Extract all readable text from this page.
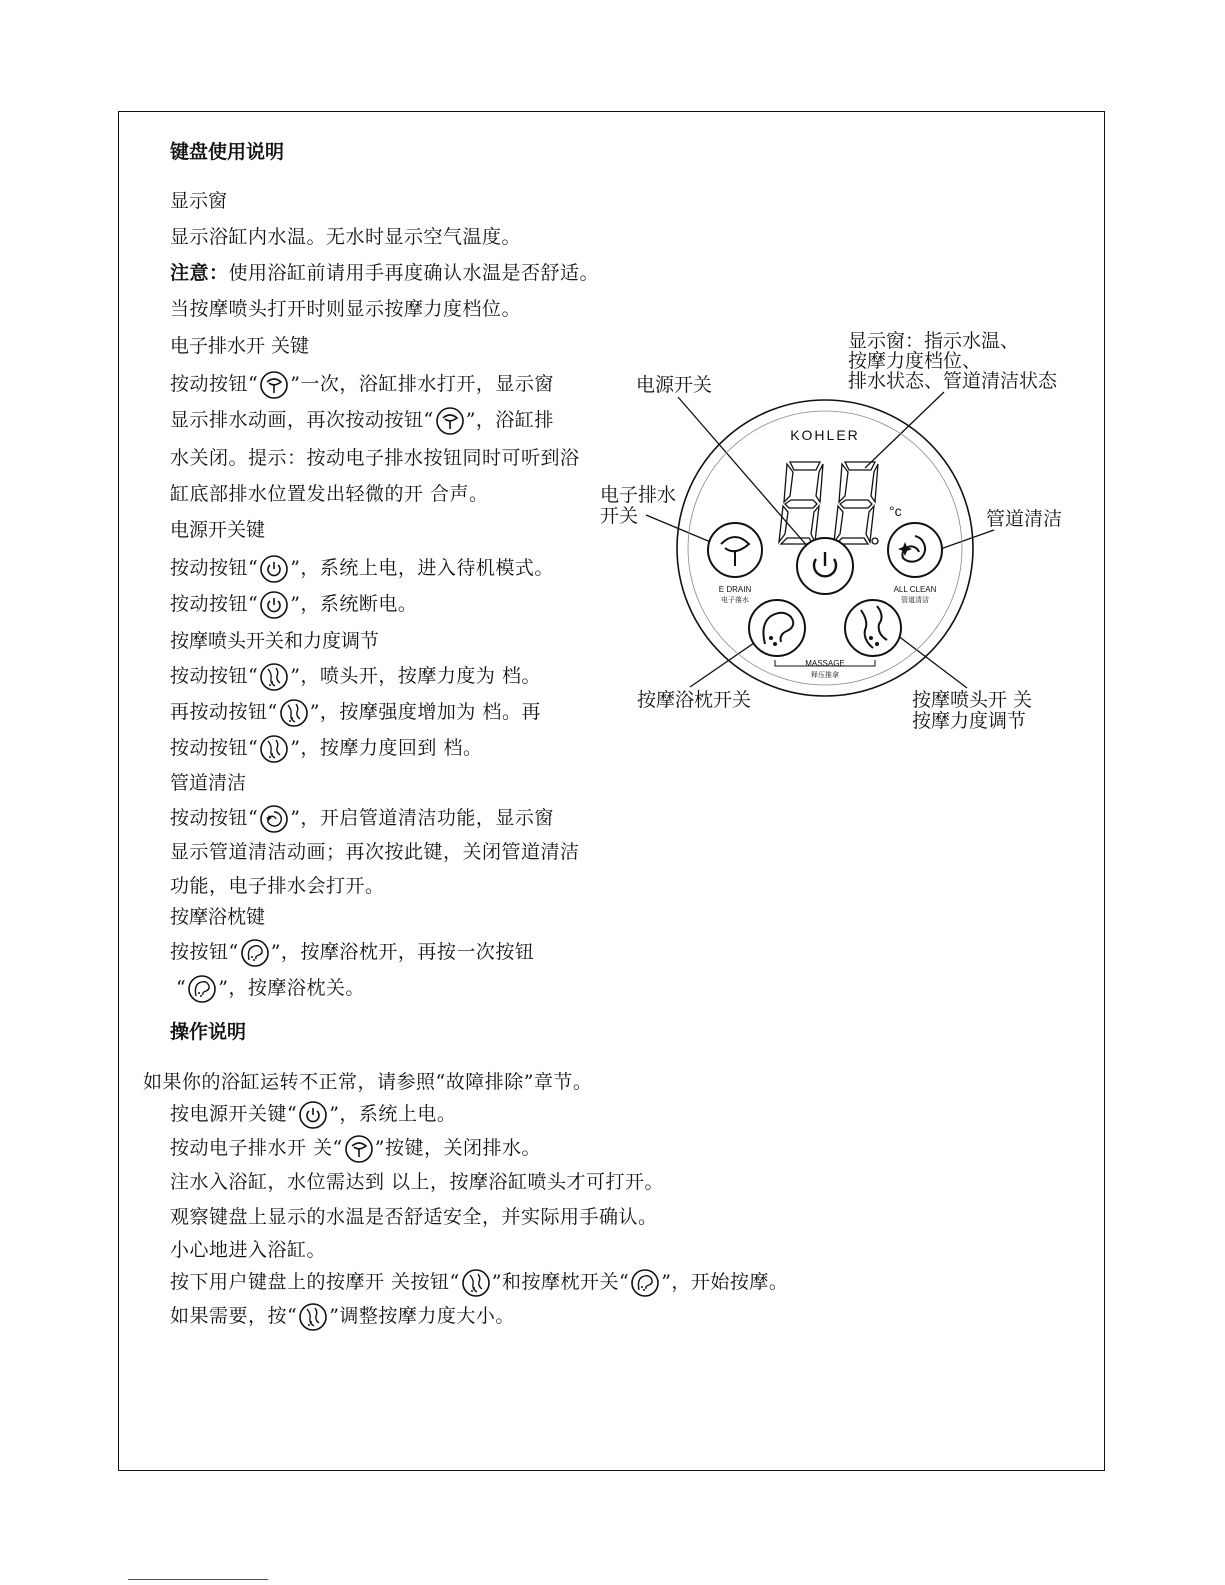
键盘使用说明
显示窗
显示浴缸内水温。无水时显示空气温度。
注意：使用浴缸前请用手再度确认水温是否舒适。
当按摩喷头打开时则显示按摩力度档位。
电子排水开 关键
按动按钮“ ”一次，浴缸排水打开，显示窗
显示排水动画，再次按动按钮“ ”，浴缸排
水关闭。提示：按动电子排水按钮同时可听到浴
缸底部排水位置发出轻微的开 合声。
电源开关键
按动按钮“ ”，系统上电，进入待机模式。
按动按钮“ ”，系统断电。
按摩喷头开关和力度调节
按动按钮“ ”，喷头开，按摩力度为 档。
再按动按钮“ ”，按摩强度增加为 档。再
按动按钮“ ”，按摩力度回到 档。
管道清洁
按动按钮“ ”，开启管道清洁功能，显示窗
显示管道清洁动画；再次按此键，关闭管道清洁
功能，电子排水会打开。
按摩浴枕键
按按钮“ ”，按摩浴枕开，再按一次按钮
“ ”，按摩浴枕关。
操作说明
如果你的浴缸运转不正常，请参照“故障排除”章节。
按电源开关键“ ”，系统上电。
按动电子排水开 关“ ”按键，关闭排水。
注水入浴缸，水位需达到 以上，按摩浴缸喷头才可打开。
观察键盘上显示的水温是否舒适安全，并实际用手确认。
小心地进入浴缸。
按下用户键盘上的按摩开 关按钮“ ”和按摩枕开关“ ”，开始按摩。
如果需要，按“ ”调整按摩力度大小。
显示窗：指示水温、
按摩力度档位、
排水状态、管道清洁状态
电源开关
电子排水
开关	管道清洁
按摩浴枕开关	按摩喷头开 关
按摩力度调节
KOHLER
°c
E DRAIN
电子落水
ALL CLEAN
管道清洁
MASSAGE
释压推拿
